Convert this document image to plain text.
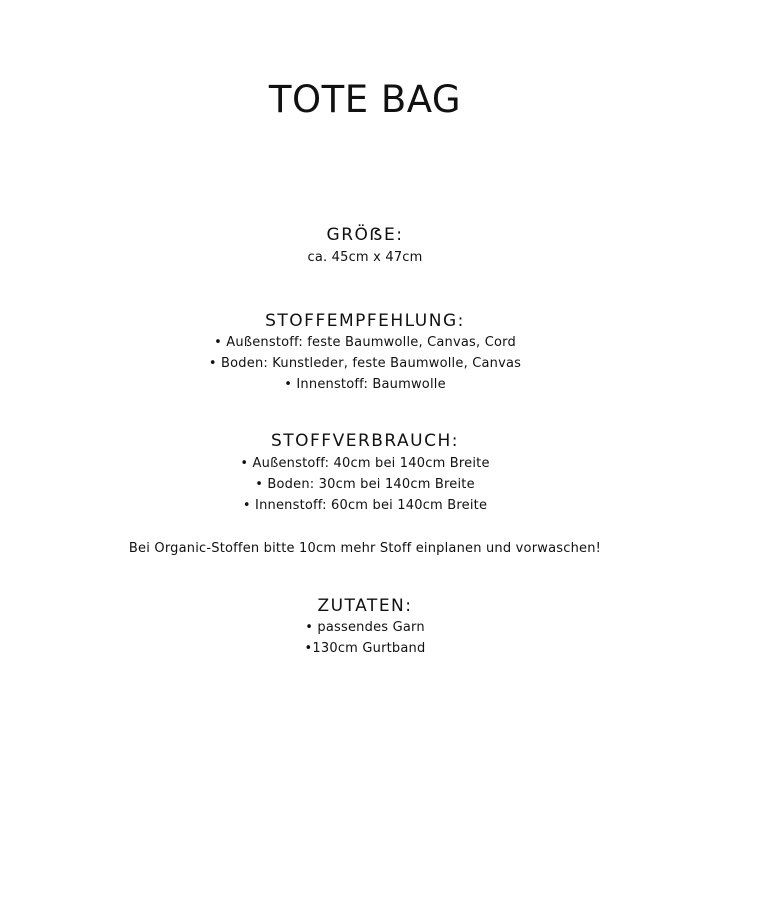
TOTE BAG
GRÖẞE:

ca. 45cm x 47cm

STOFFEMPFEHLUNG:

• Außenstoff: feste Baumwolle, Canvas, Cord

• Boden: Kunstleder, feste Baumwolle, Canvas

• Innenstoff: Baumwolle

STOFFVERBRAUCH:

• Außenstoff: 40cm bei 140cm Breite

• Boden: 30cm bei 140cm Breite

• Innenstoff: 60cm bei 140cm Breite

Bei Organic-Stoffen bitte 10cm mehr Stoff einplanen und vorwaschen!

ZUTATEN:

• passendes Garn

•130cm Gurtband
